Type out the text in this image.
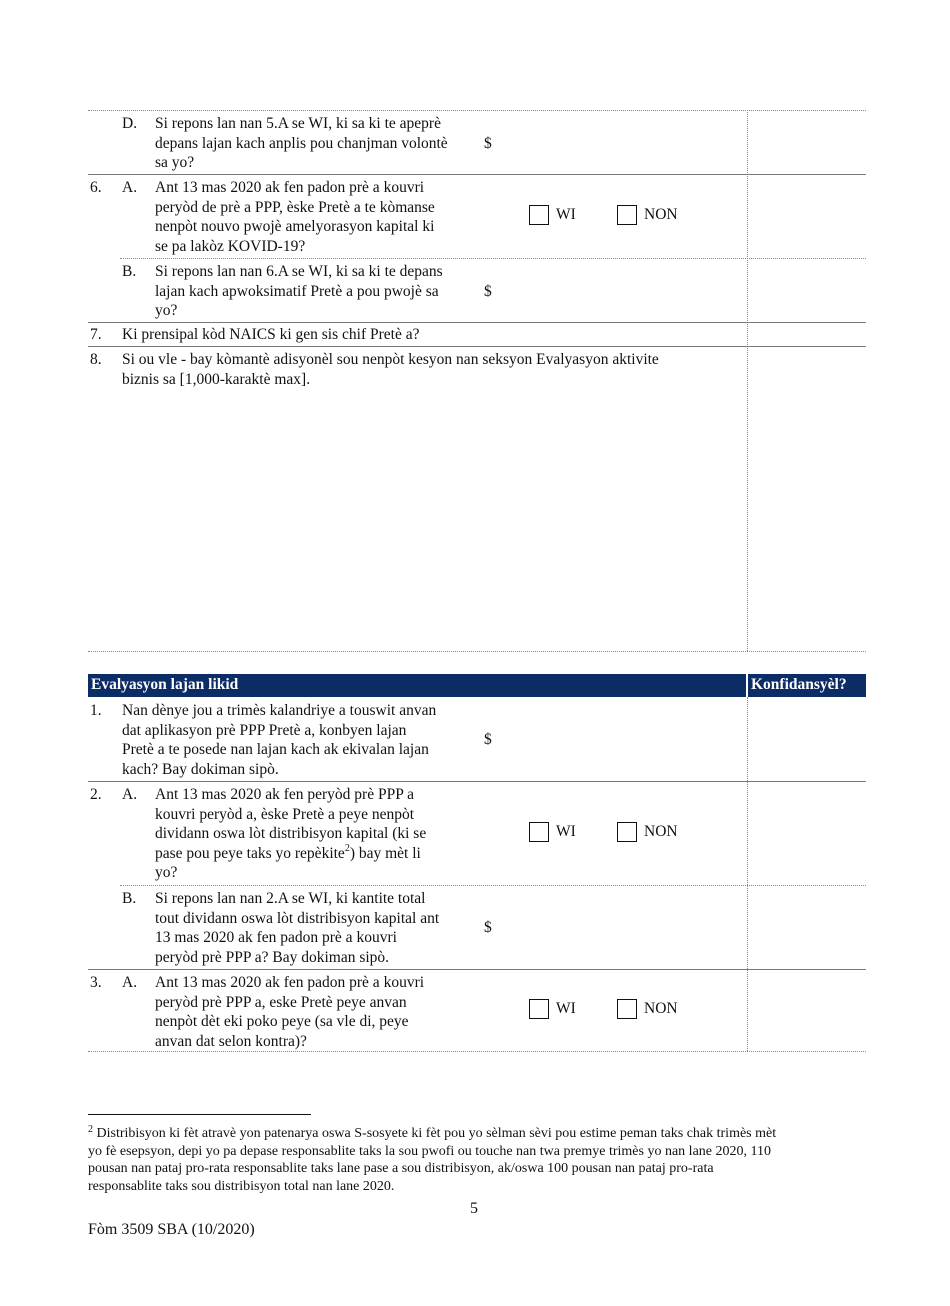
D. Si repons lan nan 5.A se WI, ki sa ki te apeprè
depans lajan kach anplis pou chanjman volontè
sa yo?
$
6. A. Ant 13 mas 2020 ak fen padon prè a kouvri
peryòd de prè a PPP, èske Pretè a te kòmanse
nenpòt nouvo pwojè amelyorasyon kapital ki
se pa lakòz KOVID-19?
WI	NON
B. Si repons lan nan 6.A se WI, ki sa ki te depans
lajan kach apwoksimatif Pretè a pou pwojè sa
yo?
$
7. Ki prensipal kòd NAICS ki gen sis chif Pretè a?
8. Si ou vle - bay kòmantè adisyonèl sou nenpòt kesyon nan seksyon Evalyasyon aktivite
biznis sa [1,000-karaktè max].
Evalyasyon lajan likid	Konfidansyèl?
1. Nan dènye jou a trimès kalandriye a touswit anvan
dat aplikasyon prè PPP Pretè a, konbyen lajan
Pretè a te posede nan lajan kach ak ekivalan lajan
kach? Bay dokiman sipò.
$
2. A. Ant 13 mas 2020 ak fen peryòd prè PPP a
kouvri peryòd a, èske Pretè a peye nenpòt
dividann oswa lòt distribisyon kapital (ki se
pase pou peye taks yo repèkite$^2$) bay mèt li
yo?
WI	NON
B. Si repons lan nan 2.A se WI, ki kantite total
tout dividann oswa lòt distribisyon kapital ant
13 mas 2020 ak fen padon prè a kouvri
peryòd prè PPP a? Bay dokiman sipò.
$
3. A. Ant 13 mas 2020 ak fen padon prè a kouvri
peryòd prè PPP a, eske Pretè peye anvan
nenpòt dèt eki poko peye (sa vle di, peye
anvan dat selon kontra)?
WI	NON
$^2$ Distribisyon ki fèt atravè yon patenarya oswa S-sosyete ki fèt pou yo sèlman sèvi pou estime peman taks chak trimès mèt
yo fè esepsyon, depi yo pa depase responsablite taks la sou pwofi ou touche nan twa premye trimès yo nan lane 2020, 110
pousan nan pataj pro-rata responsablite taks lane pase a sou distribisyon, ak/oswa 100 pousan nan pataj pro-rata
responsablite taks sou distribisyon total nan lane 2020.
5
Fòm 3509 SBA (10/2020)
